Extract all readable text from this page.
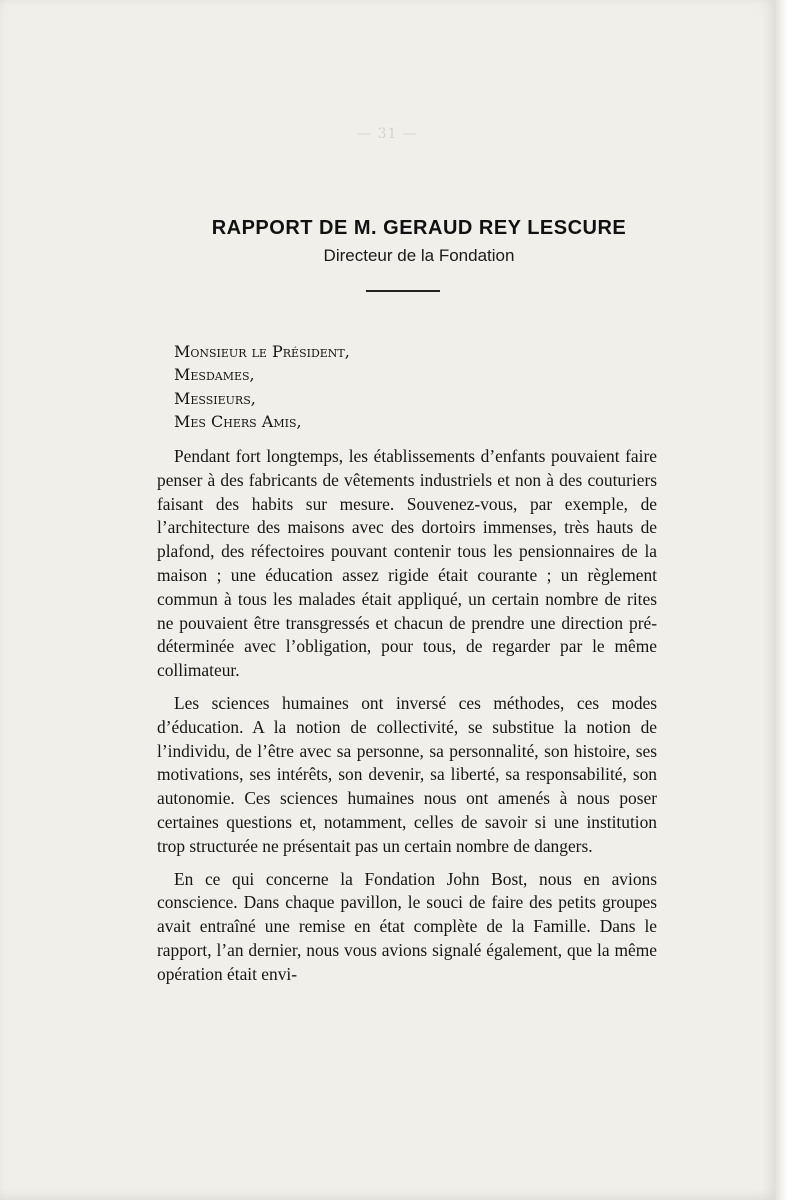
— 31 —
RAPPORT DE M. GERAUD REY LESCURE
Directeur de la Fondation
Monsieur le Président,
Mesdames,
Messieurs,
Mes Chers Amis,

Pendant fort longtemps, les établissements d’enfants pouvaient faire penser à des fabricants de vêtements industriels et non à des couturiers faisant des habits sur mesure. Souvenez-vous, par exemple, de l’architecture des maisons avec des dortoirs immenses, très hauts de plafond, des réfectoires pouvant contenir tous les pensionnaires de la maison ; une éducation assez rigide était courante ; un règlement commun à tous les malades était appliqué, un certain nombre de rites ne pouvaient être transgressés et chacun de prendre une direction pré-déterminée avec l’obligation, pour tous, de regarder par le même collimateur.

Les sciences humaines ont inversé ces méthodes, ces modes d’éducation. A la notion de collectivité, se substitue la notion de l’individu, de l’être avec sa personne, sa personnalité, son histoire, ses motivations, ses intérêts, son devenir, sa liberté, sa responsabilité, son autonomie. Ces sciences humaines nous ont amenés à nous poser certaines questions et, notamment, celles de savoir si une institution trop structurée ne présentait pas un certain nombre de dangers.

En ce qui concerne la Fondation John Bost, nous en avions conscience. Dans chaque pavillon, le souci de faire des petits groupes avait entraîné une remise en état complète de la Famille. Dans le rapport, l’an dernier, nous vous avions signalé également, que la même opération était envi-
